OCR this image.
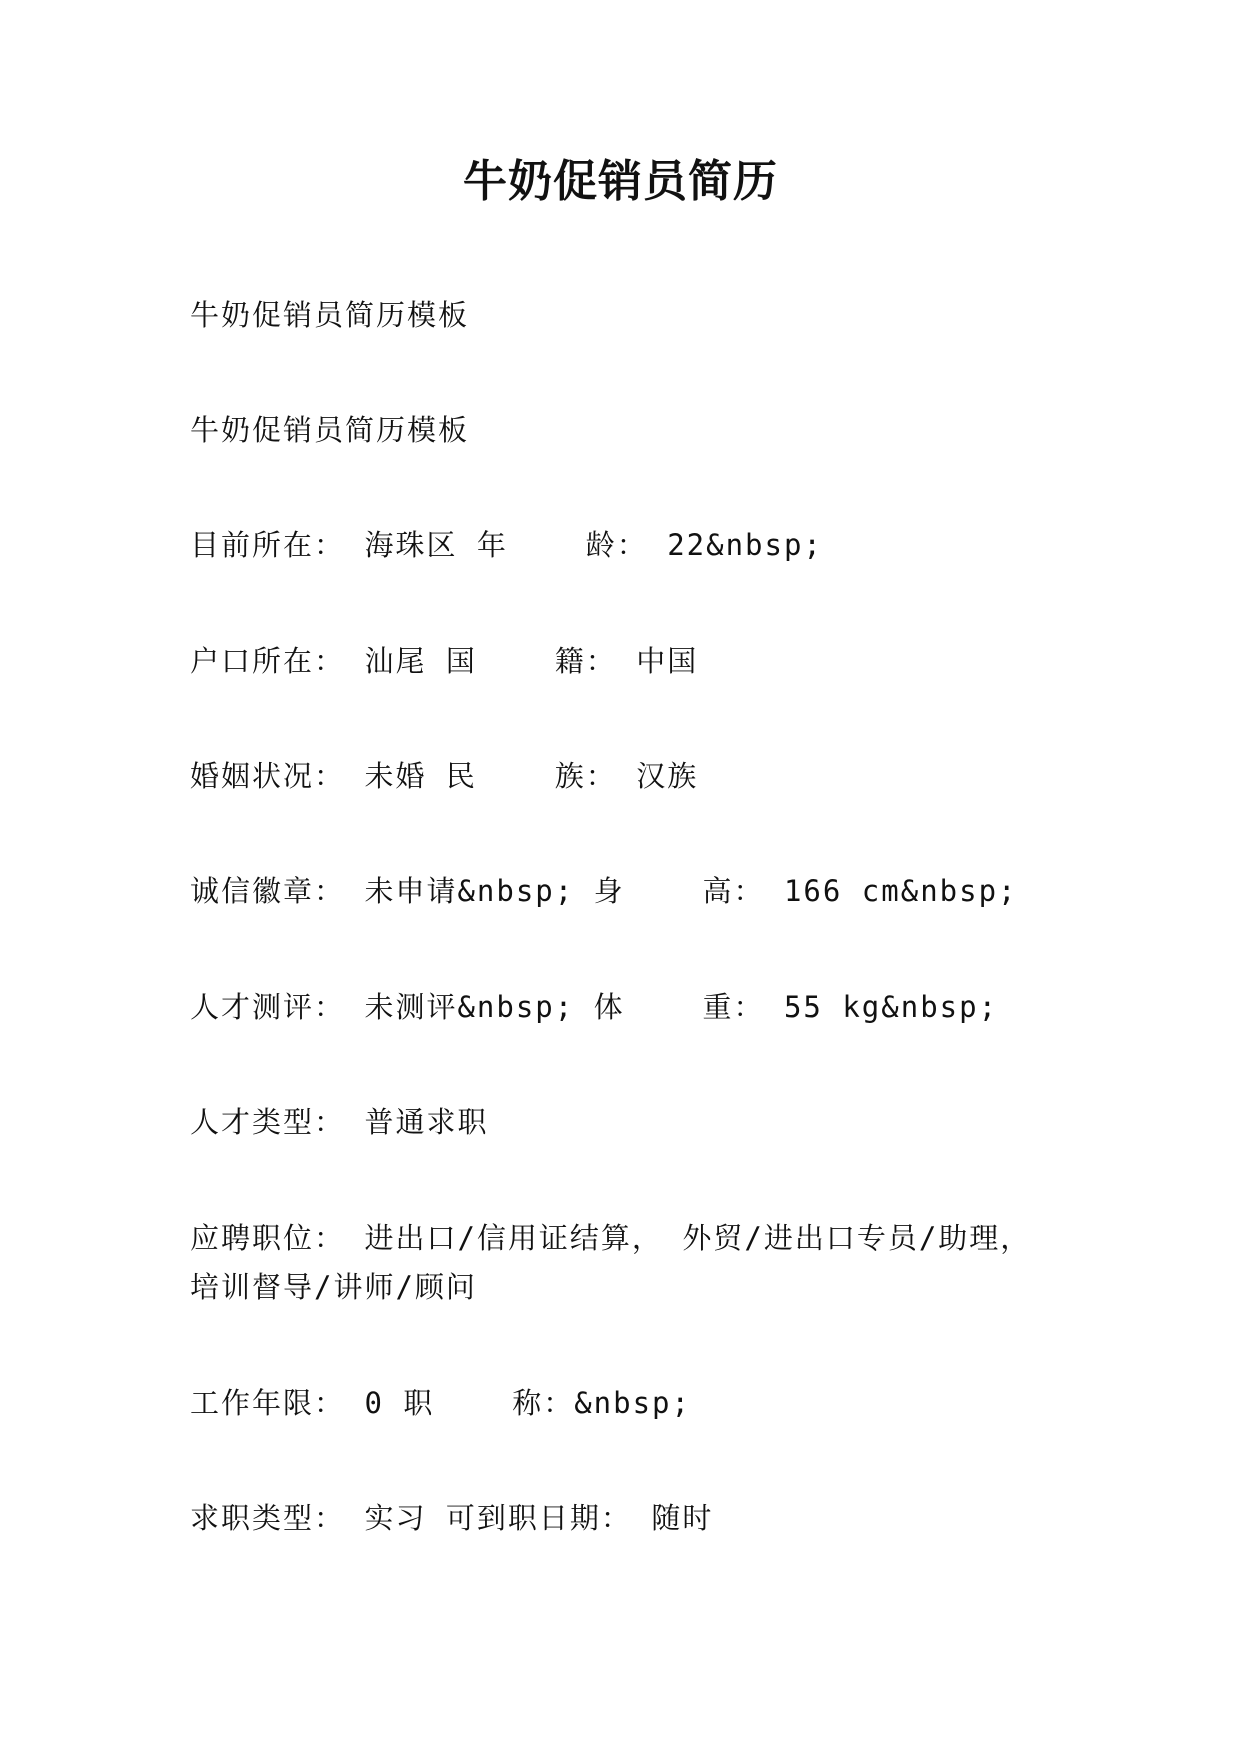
牛奶促销员简历
牛奶促销员简历模板
牛奶促销员简历模板
目前所在： 海珠区 年    龄： 22&nbsp;
户口所在： 汕尾 国    籍： 中国
婚姻状况： 未婚 民    族： 汉族
诚信徽章： 未申请&nbsp; 身    高： 166 cm&nbsp;
人才测评： 未测评&nbsp; 体    重： 55 kg&nbsp;
人才类型： 普通求职
应聘职位： 进出口/信用证结算， 外贸/进出口专员/助理，
培训督导/讲师/顾问
工作年限： 0 职    称：&nbsp;
求职类型： 实习 可到职日期： 随时
